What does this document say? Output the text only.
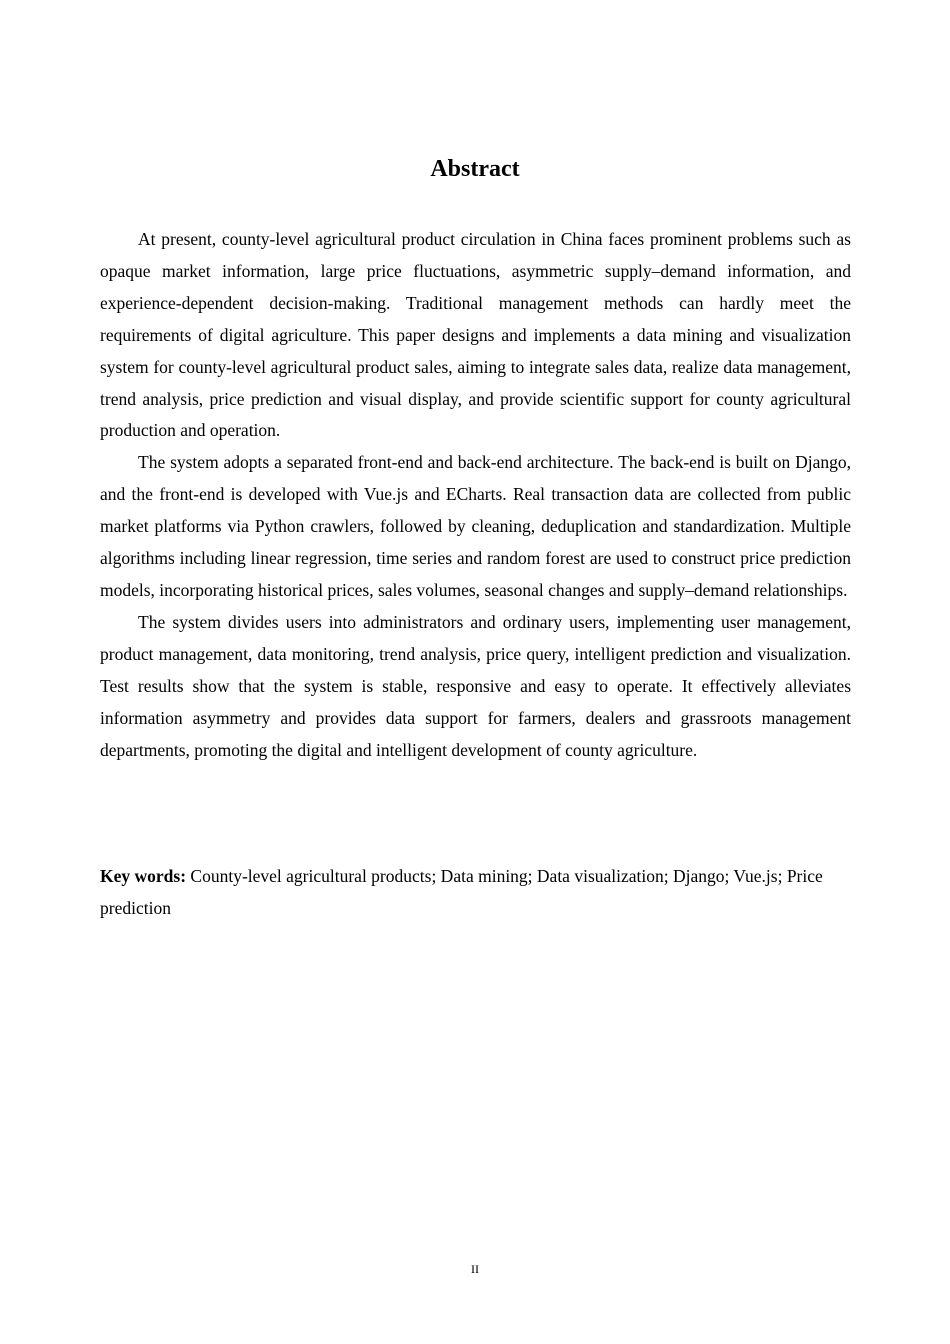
Abstract

At present, county-level agricultural product circulation in China faces prominent problems such as opaque market information, large price fluctuations, asymmetric supply–demand information, and experience-dependent decision-making. Traditional management methods can hardly meet the requirements of digital agriculture. This paper designs and implements a data mining and visualization system for county-level agricultural product sales, aiming to integrate sales data, realize data management, trend analysis, price prediction and visual display, and provide scientific support for county agricultural production and operation.

The system adopts a separated front-end and back-end architecture. The back-end is built on Django, and the front-end is developed with Vue.js and ECharts. Real transaction data are collected from public market platforms via Python crawlers, followed by cleaning, deduplication and standardization. Multiple algorithms including linear regression, time series and random forest are used to construct price prediction models, incorporating historical prices, sales volumes, seasonal changes and supply–demand relationships.

The system divides users into administrators and ordinary users, implementing user management, product management, data monitoring, trend analysis, price query, intelligent prediction and visualization. Test results show that the system is stable, responsive and easy to operate. It effectively alleviates information asymmetry and provides data support for farmers, dealers and grassroots management departments, promoting the digital and intelligent development of county agriculture.

Key words: County-level agricultural products; Data mining; Data visualization; Django; Vue.js; Price prediction

II
